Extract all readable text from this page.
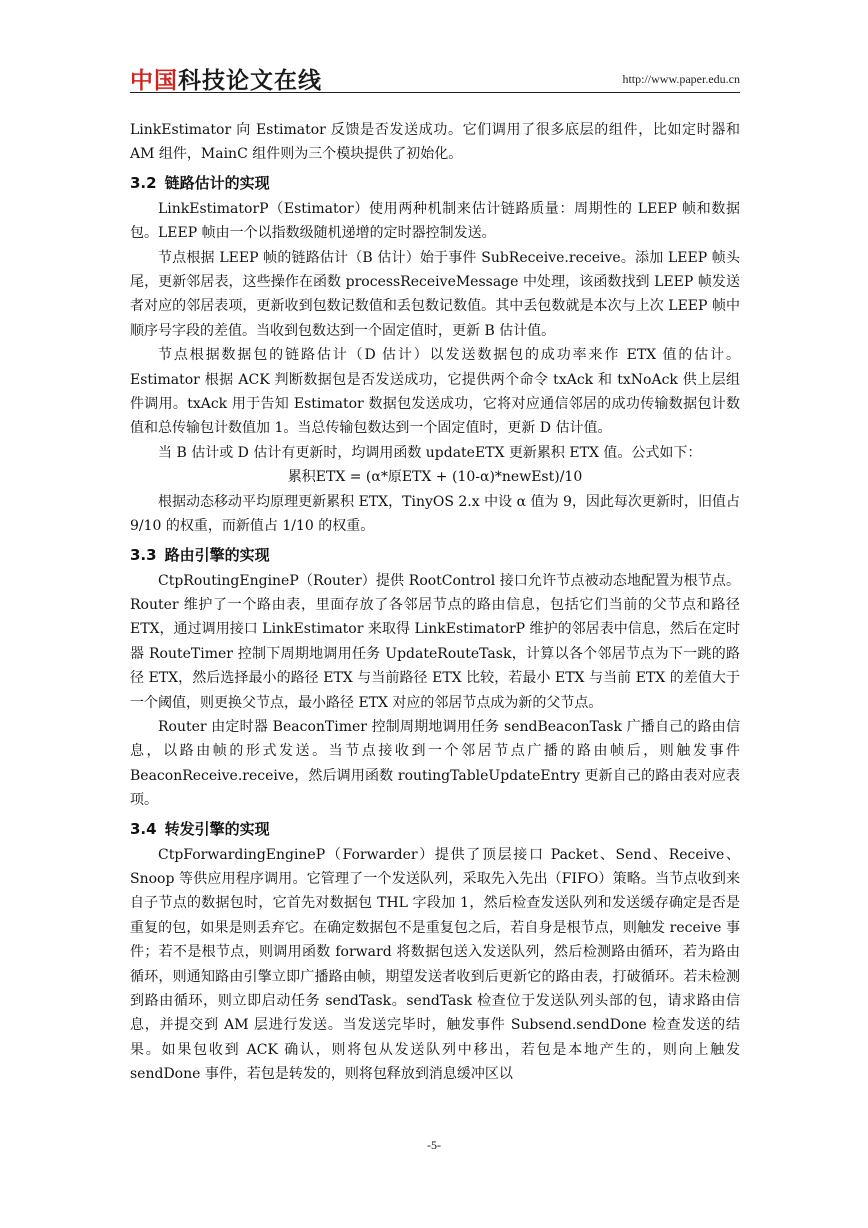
中国科技论文在线	http://www.paper.edu.cn

LinkEstimator 向 Estimator 反馈是否发送成功。它们调用了很多底层的组件，比如定时器和 AM 组件，MainC 组件则为三个模块提供了初始化。

3.2 链路估计的实现

LinkEstimatorP（Estimator）使用两种机制来估计链路质量：周期性的 LEEP 帧和数据包。LEEP 帧由一个以指数级随机递增的定时器控制发送。

节点根据 LEEP 帧的链路估计（B 估计）始于事件 SubReceive.receive。添加 LEEP 帧头尾，更新邻居表，这些操作在函数 processReceiveMessage 中处理，该函数找到 LEEP 帧发送者对应的邻居表项，更新收到包数记数值和丢包数记数值。其中丢包数就是本次与上次 LEEP 帧中顺序号字段的差值。当收到包数达到一个固定值时，更新 B 估计值。

节点根据数据包的链路估计（D 估计）以发送数据包的成功率来作 ETX 值的估计。Estimator 根据 ACK 判断数据包是否发送成功，它提供两个命令 txAck 和 txNoAck 供上层组件调用。txAck 用于告知 Estimator 数据包发送成功，它将对应通信邻居的成功传输数据包计数值和总传输包计数值加 1。当总传输包数达到一个固定值时，更新 D 估计值。

当 B 估计或 D 估计有更新时，均调用函数 updateETX 更新累积 ETX 值。公式如下：

累积ETX = (α*原ETX + (10-α)*newEst)/10

根据动态移动平均原理更新累积 ETX，TinyOS 2.x 中设 α 值为 9，因此每次更新时，旧值占 9/10 的权重，而新值占 1/10 的权重。

3.3 路由引擎的实现

CtpRoutingEngineP（Router）提供 RootControl 接口允许节点被动态地配置为根节点。Router 维护了一个路由表，里面存放了各邻居节点的路由信息，包括它们当前的父节点和路径 ETX，通过调用接口 LinkEstimator 来取得 LinkEstimatorP 维护的邻居表中信息，然后在定时器 RouteTimer 控制下周期地调用任务 UpdateRouteTask，计算以各个邻居节点为下一跳的路径 ETX，然后选择最小的路径 ETX 与当前路径 ETX 比较，若最小 ETX 与当前 ETX 的差值大于一个阈值，则更换父节点，最小路径 ETX 对应的邻居节点成为新的父节点。

Router 由定时器 BeaconTimer 控制周期地调用任务 sendBeaconTask 广播自己的路由信息，以路由帧的形式发送。当节点接收到一个邻居节点广播的路由帧后，则触发事件 BeaconReceive.receive，然后调用函数 routingTableUpdateEntry 更新自己的路由表对应表项。

3.4 转发引擎的实现

CtpForwardingEngineP（Forwarder）提供了顶层接口 Packet、Send、Receive、Snoop 等供应用程序调用。它管理了一个发送队列，采取先入先出（FIFO）策略。当节点收到来自子节点的数据包时，它首先对数据包 THL 字段加 1，然后检查发送队列和发送缓存确定是否是重复的包，如果是则丢弃它。在确定数据包不是重复包之后，若自身是根节点，则触发 receive 事件；若不是根节点，则调用函数 forward 将数据包送入发送队列，然后检测路由循环，若为路由循环，则通知路由引擎立即广播路由帧，期望发送者收到后更新它的路由表，打破循环。若未检测到路由循环，则立即启动任务 sendTask。sendTask 检查位于发送队列头部的包，请求路由信息，并提交到 AM 层进行发送。当发送完毕时，触发事件 Subsend.sendDone 检查发送的结果。如果包收到 ACK 确认，则将包从发送队列中移出，若包是本地产生的，则向上触发 sendDone 事件，若包是转发的，则将包释放到消息缓冲区以

-5-
